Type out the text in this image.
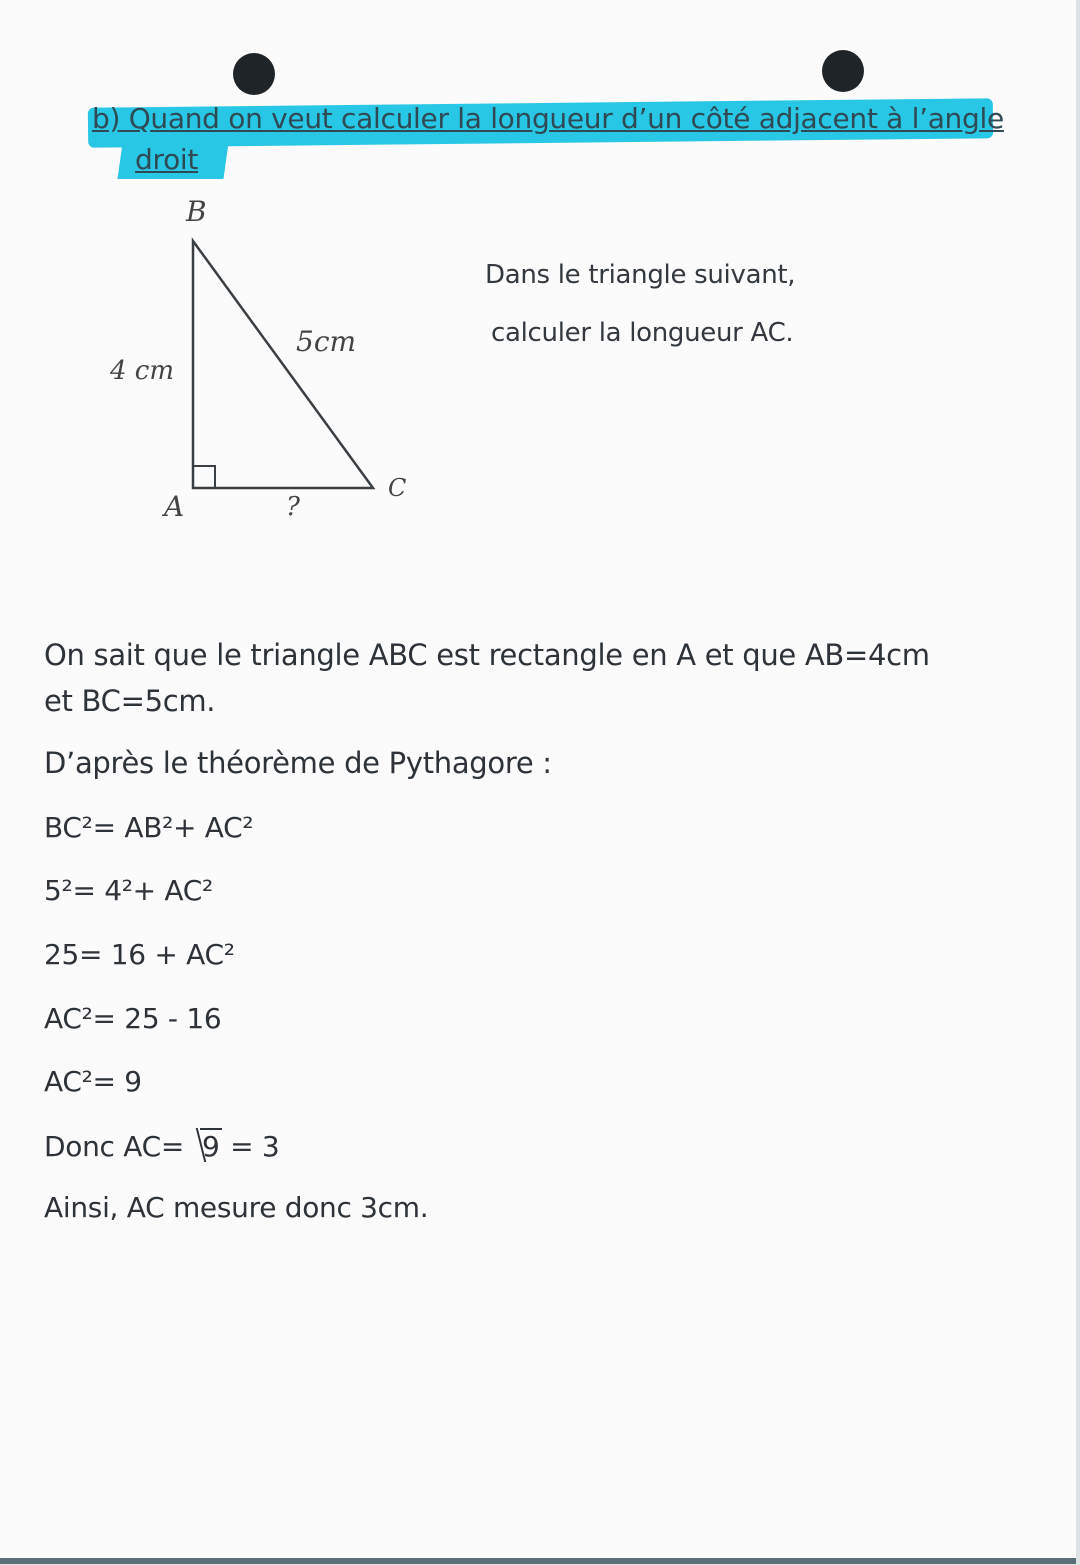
b) Quand on veut calculer la longueur d’un côté adjacent à l’angle
droit
B
A
C
4 cm
5cm
?
Dans le triangle suivant,
calculer la longueur AC.
On sait que le triangle ABC est rectangle en A et que AB=4cm
et BC=5cm.
D’après le théorème de Pythagore :
BC²= AB²+ AC²
5²= 4²+ AC²
25= 16 + AC²
AC²= 25 - 16
AC²= 9
Donc AC= 9 = 3
Ainsi, AC mesure donc 3cm.
